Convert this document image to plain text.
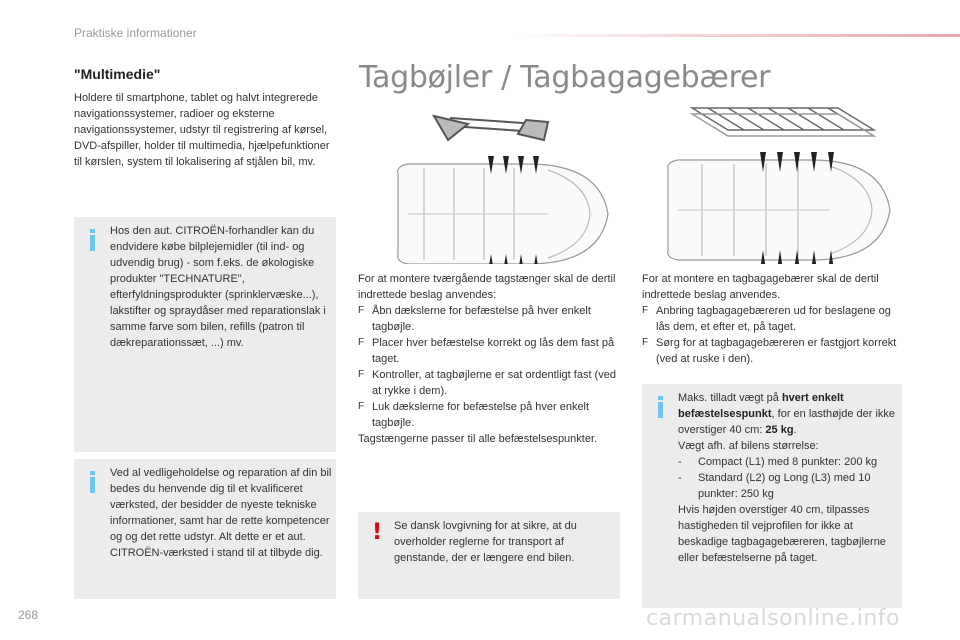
Praktiske informationer
"Multimedie"
Holdere til smartphone, tablet og halvt integrerede navigationssystemer, radioer og eksterne navigationssystemer, udstyr til registrering af kørsel, DVD-afspiller, holder til multimedia, hjælpefunktioner til kørslen, system til lokalisering af stjålen bil, mv.
Hos den aut. CITROËN-forhandler kan du endvidere købe bilplejemidler (til ind- og udvendig brug) - som f.eks. de økologiske produkter "TECHNATURE", efterfyldningsprodukter (sprinklervæske...), lakstifter og spraydåser med reparationslak i samme farve som bilen, refills (patron til dækreparationssæt, ...) mv.
Ved al vedligeholdelse og reparation af din bil bedes du henvende dig til et kvalificeret værksted, der besidder de nyeste tekniske informationer, samt har de rette kompetencer og og det rette udstyr. Alt dette er et aut. CITROËN-værksted i stand til at tilbyde dig.
Tagbøjler / Tagbagagebærer
For at montere tværgående tagstænger skal de dertil indrettede beslag anvendes:
F Åbn dækslerne for befæstelse på hver enkelt tagbøjle.
F Placer hver befæstelse korrekt og lås dem fast på taget.
F Kontroller, at tagbøjlerne er sat ordentligt fast (ved at rykke i dem).
F Luk dækslerne for befæstelse på hver enkelt tagbøjle.
Tagstængerne passer til alle befæstelsespunkter.
! Se dansk lovgivning for at sikre, at du overholder reglerne for transport af genstande, der er længere end bilen.
For at montere en tagbagagebærer skal de dertil indrettede beslag anvendes.
F Anbring tagbagagebæreren ud for beslagene og lås dem, et efter et, på taget.
F Sørg for at tagbagagebæreren er fastgjort korrekt (ved at ruske i den).
Maks. tilladt vægt på hvert enkelt befæstelsespunkt, for en lasthøjde der ikke overstiger 40 cm: 25 kg.
Vægt afh. af bilens størrelse:
- Compact (L1) med 8 punkter: 200 kg
- Standard (L2) og Long (L3) med 10 punkter: 250 kg
Hvis højden overstiger 40 cm, tilpasses hastigheden til vejprofilen for ikke at beskadige tagbagagebæreren, tagbøjlerne eller befæstelserne på taget.
268	carmanualsonline.info
